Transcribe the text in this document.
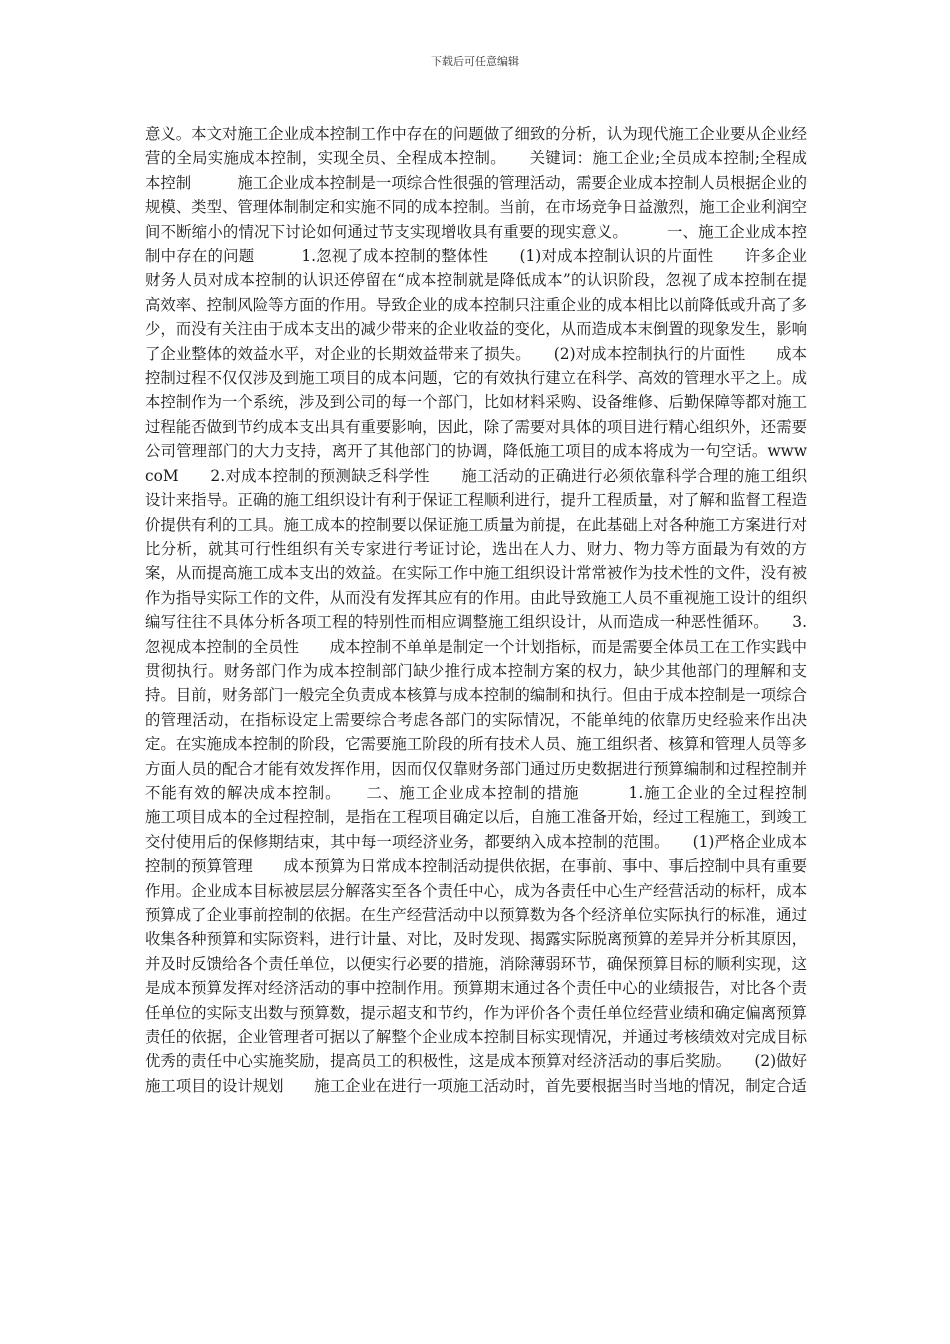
下载后可任意编辑

意义。本文对施工企业成本控制工作中存在的问题做了细致的分析，认为现代施工企业要从企业经营的全局实施成本控制，实现全员、全程成本控制。　　关键词：施工企业;全员成本控制;全程成本控制　　　施工企业成本控制是一项综合性很强的管理活动，需要企业成本控制人员根据企业的规模、类型、管理体制制定和实施不同的成本控制。当前，在市场竞争日益激烈，施工企业利润空间不断缩小的情况下讨论如何通过节支实现增收具有重要的现实意义。　　　一、施工企业成本控制中存在的问题　　　1.忽视了成本控制的整体性　　(1)对成本控制认识的片面性　　许多企业财务人员对成本控制的认识还停留在“成本控制就是降低成本”的认识阶段，忽视了成本控制在提高效率、控制风险等方面的作用。导致企业的成本控制只注重企业的成本相比以前降低或升高了多少，而没有关注由于成本支出的减少带来的企业收益的变化，从而造成本末倒置的现象发生，影响了企业整体的效益水平，对企业的长期效益带来了损失。　　(2)对成本控制执行的片面性　　成本控制过程不仅仅涉及到施工项目的成本问题，它的有效执行建立在科学、高效的管理水平之上。成本控制作为一个系统，涉及到公司的每一个部门，比如材料采购、设备维修、后勤保障等都对施工过程能否做到节约成本支出具有重要影响，因此，除了需要对具体的项目进行精心组织外，还需要公司管理部门的大力支持，离开了其他部门的协调，降低施工项目的成本将成为一句空话。wwwcoM　　2.对成本控制的预测缺乏科学性　　施工活动的正确进行必须依靠科学合理的施工组织设计来指导。正确的施工组织设计有利于保证工程顺利进行，提升工程质量，对了解和监督工程造价提供有利的工具。施工成本的控制要以保证施工质量为前提，在此基础上对各种施工方案进行对比分析，就其可行性组织有关专家进行考证讨论，选出在人力、财力、物力等方面最为有效的方案，从而提高施工成本支出的效益。在实际工作中施工组织设计常常被作为技术性的文件，没有被作为指导实际工作的文件，从而没有发挥其应有的作用。由此导致施工人员不重视施工设计的组织编写往往不具体分析各项工程的特别性而相应调整施工组织设计，从而造成一种恶性循环。　　3.忽视成本控制的全员性　　成本控制不单单是制定一个计划指标，而是需要全体员工在工作实践中贯彻执行。财务部门作为成本控制部门缺少推行成本控制方案的权力，缺少其他部门的理解和支持。目前，财务部门一般完全负责成本核算与成本控制的编制和执行。但由于成本控制是一项综合的管理活动，在指标设定上需要综合考虑各部门的实际情况，不能单纯的依靠历史经验来作出决定。在实施成本控制的阶段，它需要施工阶段的所有技术人员、施工组织者、核算和管理人员等多方面人员的配合才能有效发挥作用，因而仅仅靠财务部门通过历史数据进行预算编制和过程控制并不能有效的解决成本控制。　　二、施工企业成本控制的措施　　　1.施工企业的全过程控制　　施工项目成本的全过程控制，是指在工程项目确定以后，自施工准备开始，经过工程施工，到竣工交付使用后的保修期结束，其中每一项经济业务，都要纳入成本控制的范围。　　(1)严格企业成本控制的预算管理　　成本预算为日常成本控制活动提供依据，在事前、事中、事后控制中具有重要作用。企业成本目标被层层分解落实至各个责任中心，成为各责任中心生产经营活动的标杆，成本预算成了企业事前控制的依据。在生产经营活动中以预算数为各个经济单位实际执行的标准，通过收集各种预算和实际资料，进行计量、对比，及时发现、揭露实际脱离预算的差异并分析其原因，并及时反馈给各个责任单位，以便实行必要的措施，消除薄弱环节，确保预算目标的顺利实现，这是成本预算发挥对经济活动的事中控制作用。预算期末通过各个责任中心的业绩报告，对比各个责任单位的实际支出数与预算数，提示超支和节约，作为评价各个责任单位经营业绩和确定偏离预算责任的依据，企业管理者可据以了解整个企业成本控制目标实现情况，并通过考核绩效对完成目标优秀的责任中心实施奖励，提高员工的积极性，这是成本预算对经济活动的事后奖励。　　(2)做好施工项目的设计规划　　施工企业在进行一项施工活动时，首先要根据当时当地的情况，制定合适
